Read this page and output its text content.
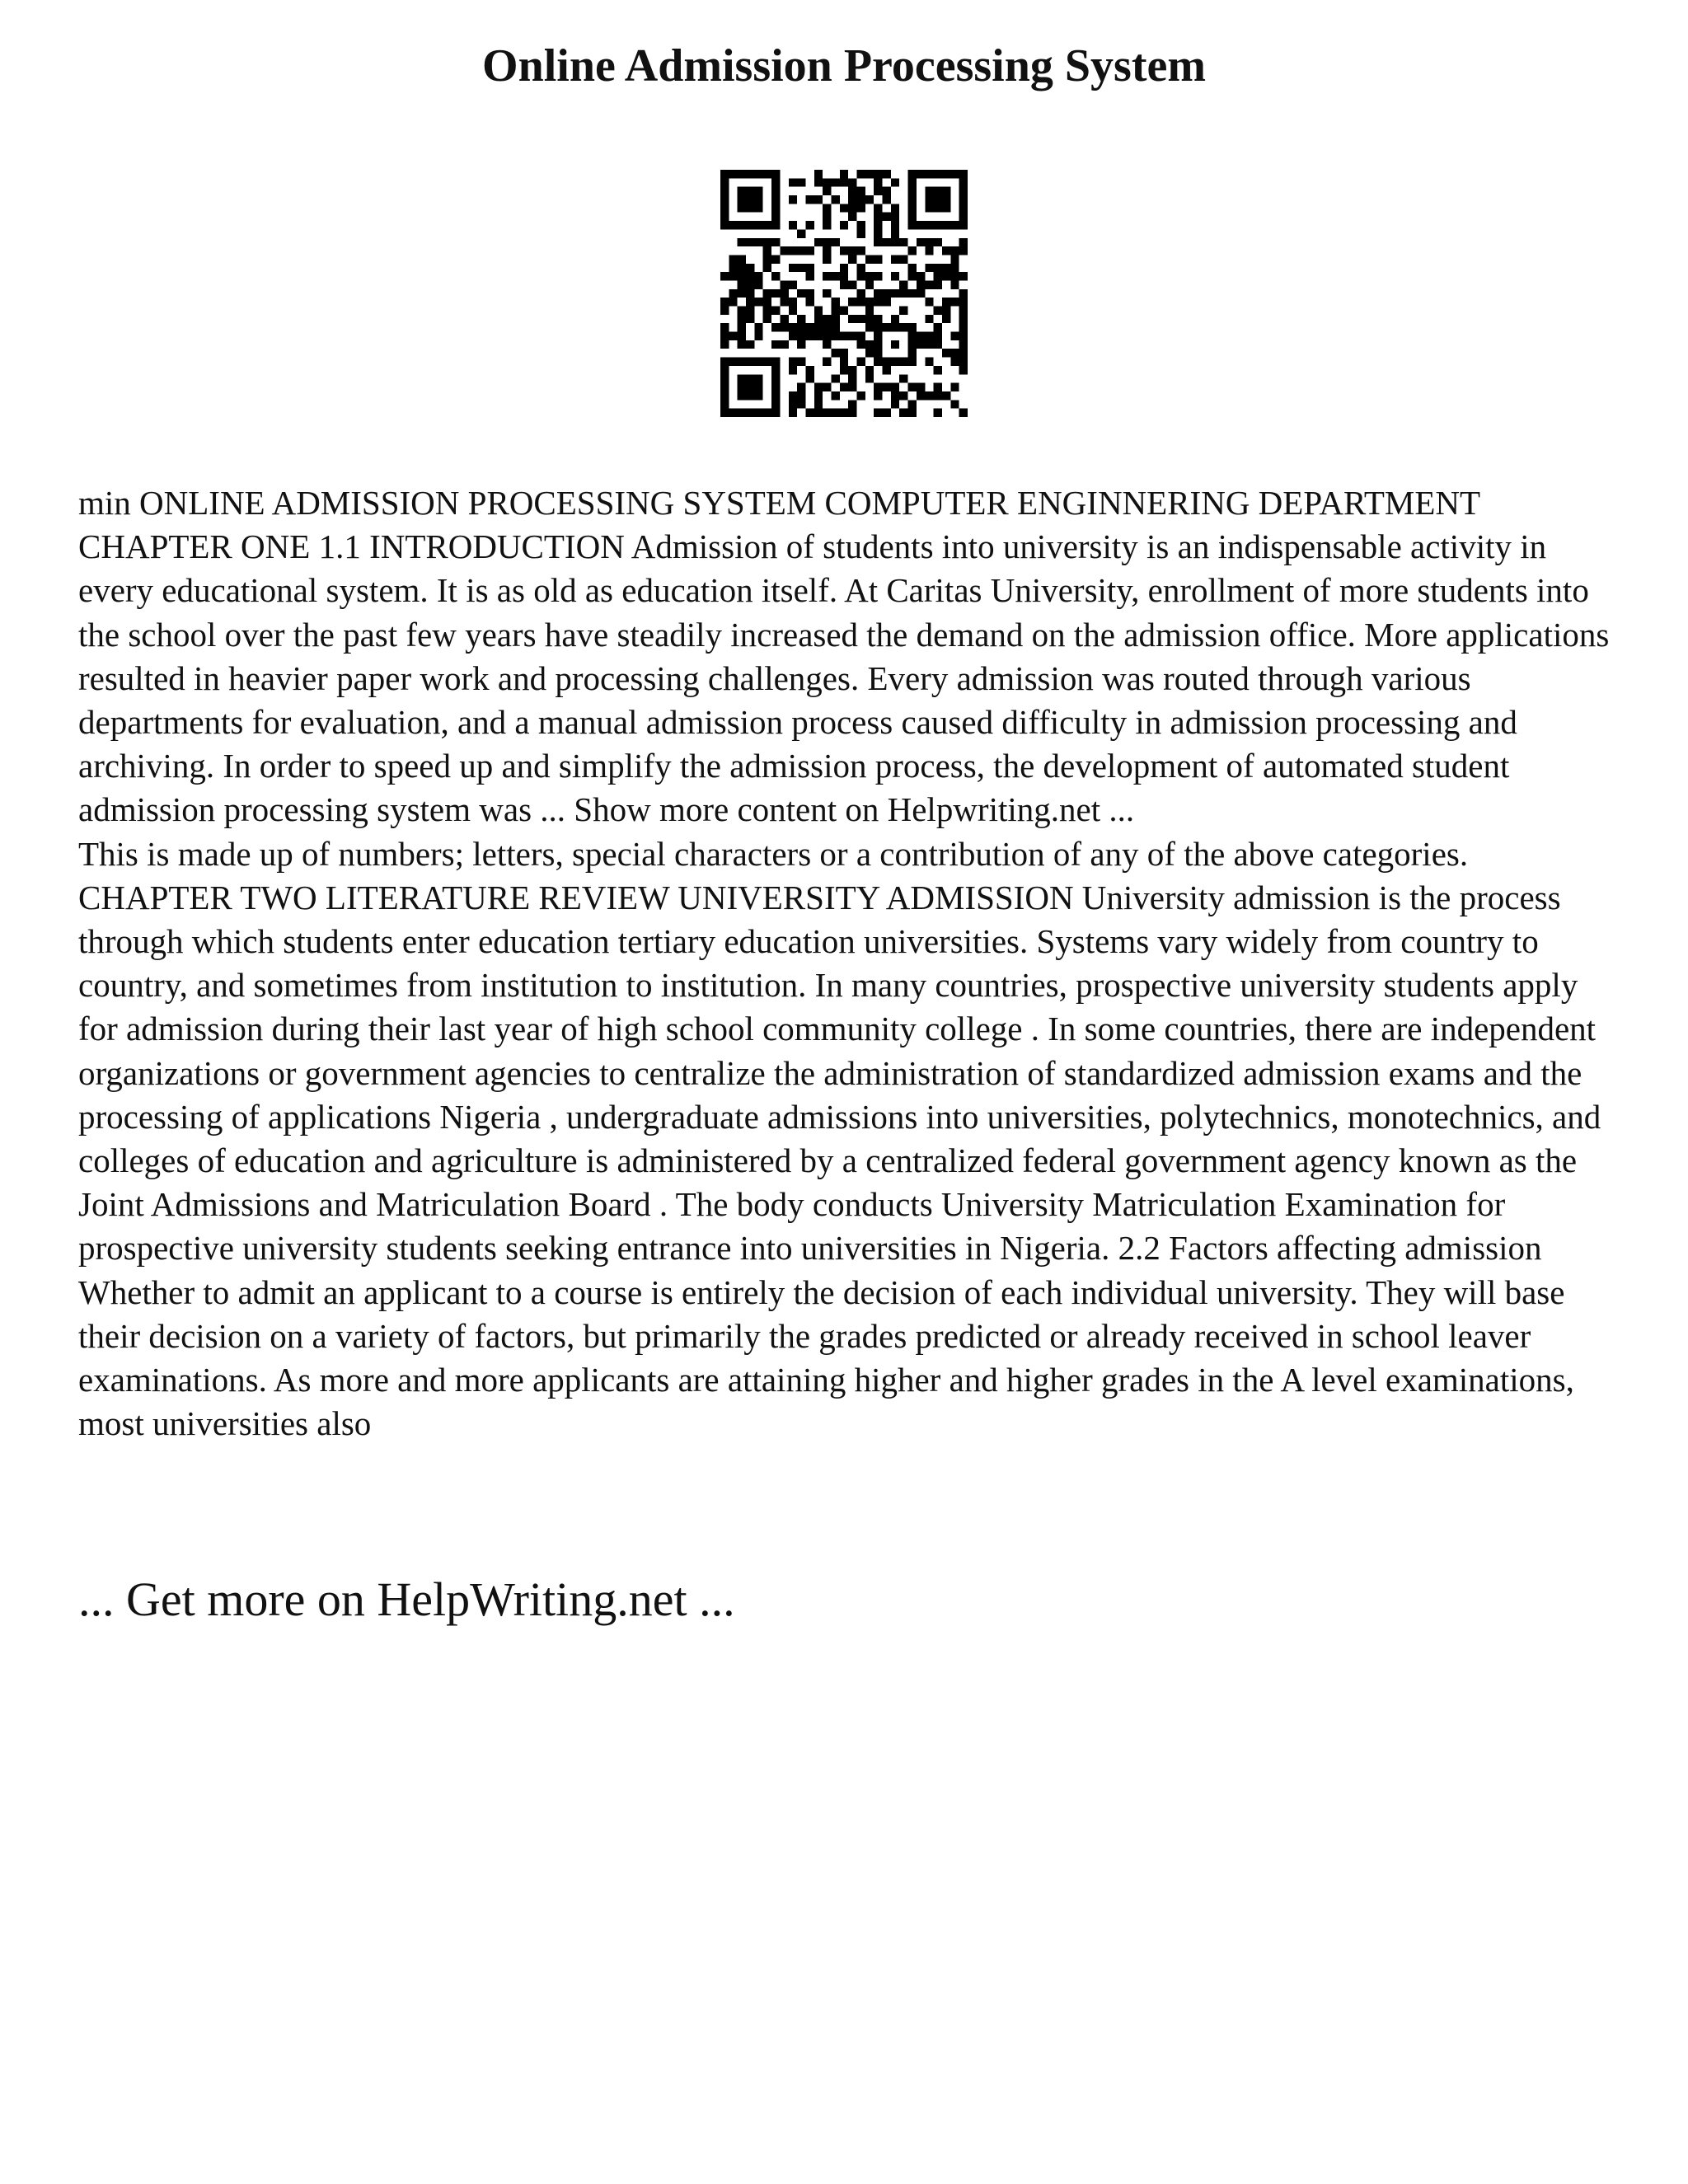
Online Admission Processing System

min ONLINE ADMISSION PROCESSING SYSTEM COMPUTER ENGINNERING DEPARTMENT CHAPTER ONE 1.1 INTRODUCTION Admission of students into university is an indispensable activity in every educational system. It is as old as education itself. At Caritas University, enrollment of more students into the school over the past few years have steadily increased the demand on the admission office. More applications resulted in heavier paper work and processing challenges. Every admission was routed through various departments for evaluation, and a manual admission process caused difficulty in admission processing and archiving. In order to speed up and simplify the admission process, the development of automated student admission processing system was ... Show more content on Helpwriting.net ...

This is made up of numbers; letters, special characters or a contribution of any of the above categories. CHAPTER TWO LITERATURE REVIEW UNIVERSITY ADMISSION University admission is the process through which students enter education tertiary education universities. Systems vary widely from country to country, and sometimes from institution to institution. In many countries, prospective university students apply for admission during their last year of high school community college . In some countries, there are independent organizations or government agencies to centralize the administration of standardized admission exams and the processing of applications Nigeria , undergraduate admissions into universities, polytechnics, monotechnics, and colleges of education and agriculture is administered by a centralized federal government agency known as the Joint Admissions and Matriculation Board . The body conducts University Matriculation Examination for prospective university students seeking entrance into universities in Nigeria. 2.2 Factors affecting admission Whether to admit an applicant to a course is entirely the decision of each individual university. They will base their decision on a variety of factors, but primarily the grades predicted or already received in school leaver examinations. As more and more applicants are attaining higher and higher grades in the A level examinations, most universities also

... Get more on HelpWriting.net ...
